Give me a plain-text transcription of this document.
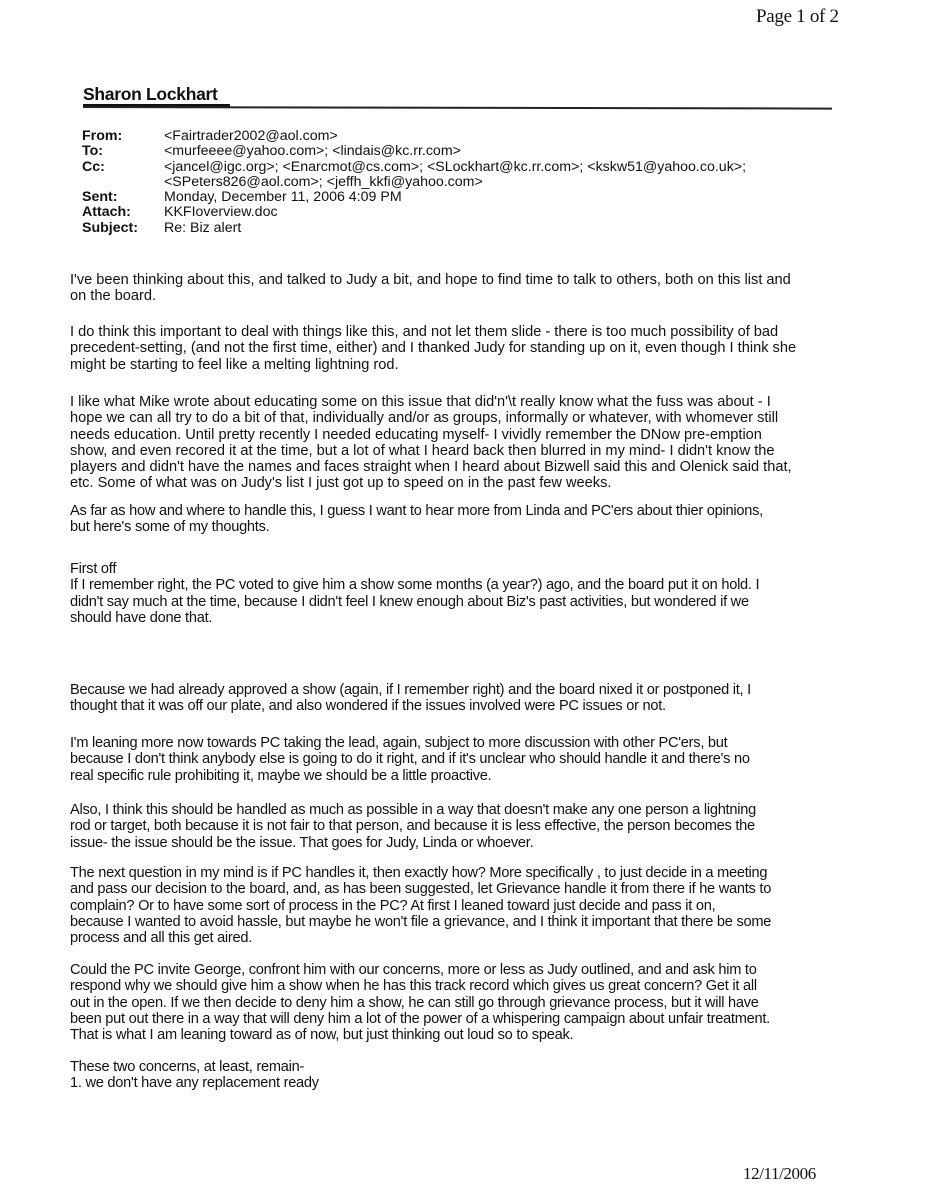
Page 1 of 2
Sharon Lockhart
From:	<Fairtrader2002@aol.com>
To:	<murfeeee@yahoo.com>; <lindais@kc.rr.com>
Cc:	<jancel@igc.org>; <Enarcmot@cs.com>; <SLockhart@kc.rr.com>; <kskw51@yahoo.co.uk>;
<SPeters826@aol.com>; <jeffh_kkfi@yahoo.com>
Sent:	Monday, December 11, 2006 4:09 PM
Attach:	KKFIoverview.doc
Subject:	Re: Biz alert

I've been thinking about this, and talked to Judy a bit, and hope to find time to talk to others, both on this list and
on the board.

I do think this important to deal with things like this, and not let them slide - there is too much possibility of bad
precedent-setting, (and not the first time, either) and I thanked Judy for standing up on it, even though I think she
might be starting to feel like a melting lightning rod.

I like what Mike wrote about educating some on this issue that did'n'\t really know what the fuss was about - I
hope we can all try to do a bit of that, individually and/or as groups, informally or whatever, with whomever still
needs education. Until pretty recently I needed educating myself- I vividly remember the DNow pre-emption
show, and even recored it at the time, but a lot of what I heard back then blurred in my mind- I didn't know the
players and didn't have the names and faces straight when I heard about Bizwell said this and Olenick said that,
etc. Some of what was on Judy's list I just got up to speed on in the past few weeks.

As far as how and where to handle this, I guess I want to hear more from Linda and PC'ers about thier opinions,
but here's some of my thoughts.

First off
If I remember right, the PC voted to give him a show some months (a year?) ago, and the board put it on hold. I
didn't say much at the time, because I didn't feel I knew enough about Biz's past activities, but wondered if we
should have done that.

Because we had already approved a show (again, if I remember right) and the board nixed it or postponed it, I
thought that it was off our plate, and also wondered if the issues involved were PC issues or not.

I'm leaning more now towards PC taking the lead, again, subject to more discussion with other PC'ers, but
because I don't think anybody else is going to do it right, and if it's unclear who should handle it and there's no
real specific rule prohibiting it, maybe we should be a little proactive.

Also, I think this should be handled as much as possible in a way that doesn't make any one person a lightning
rod or target, both because it is not fair to that person, and because it is less effective, the person becomes the
issue- the issue should be the issue. That goes for Judy, Linda or whoever.

The next question in my mind is if PC handles it, then exactly how? More specifically , to just decide in a meeting
and pass our decision to the board, and, as has been suggested, let Grievance handle it from there if he wants to
complain? Or to have some sort of process in the PC? At first I leaned toward just decide and pass it on,
because I wanted to avoid hassle, but maybe he won't file a grievance, and I think it important that there be some
process and all this get aired.

Could the PC invite George, confront him with our concerns, more or less as Judy outlined, and and ask him to
respond why we should give him a show when he has this track record which gives us great concern? Get it all
out in the open. If we then decide to deny him a show, he can still go through grievance process, but it will have
been put out there in a way that will deny him a lot of the power of a whispering campaign about unfair treatment.
That is what I am leaning toward as of now, but just thinking out loud so to speak.

These two concerns, at least, remain-
1. we don't have any replacement ready

12/11/2006
